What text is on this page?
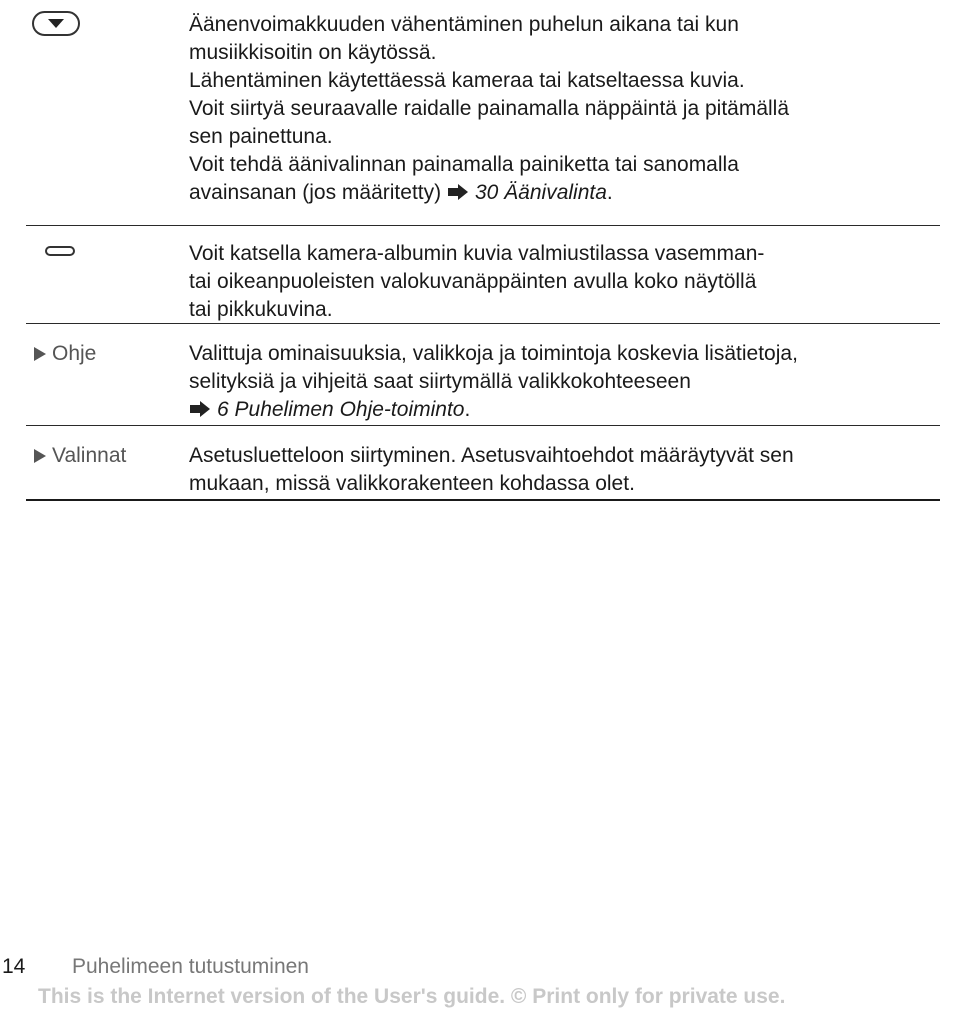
Äänenvoimakkuuden vähentäminen puhelun aikana tai kun

musiikkisoitin on käytössä.

Lähentäminen käytettäessä kameraa tai katseltaessa kuvia.

Voit siirtyä seuraavalle raidalle painamalla näppäintä ja pitämällä

sen painettuna.

Voit tehdä äänivalinnan painamalla painiketta tai sanomalla

avainsanan (jos määritetty) 30 Äänivalinta.

Voit katsella kamera-albumin kuvia valmiustilassa vasemman-

tai oikeanpuoleisten valokuvanäppäinten avulla koko näytöllä

tai pikkukuvina.

Ohje	Valittuja ominaisuuksia, valikkoja ja toimintoja koskevia lisätietoja,

selityksiä ja vihjeitä saat siirtymällä valikkokohteeseen

6 Puhelimen Ohje-toiminto.

Valinnat	Asetusluetteloon siirtyminen. Asetusvaihtoehdot määräytyvät sen

mukaan, missä valikkorakenteen kohdassa olet.

14 Puhelimeen tutustuminen
This is the Internet version of the User's guide. © Print only for private use.
